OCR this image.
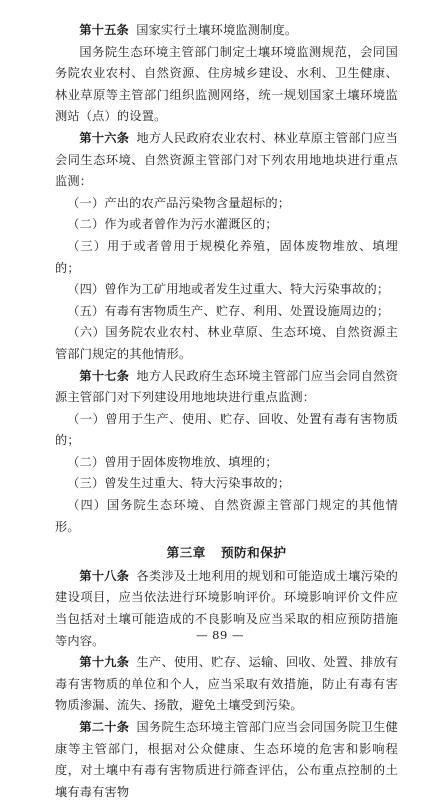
第十五条 国家实行土壤环境监测制度。

国务院生态环境主管部门制定土壤环境监测规范，会同国务院农业农村、自然资源、住房城乡建设、水利、卫生健康、林业草原等主管部门组织监测网络，统一规划国家土壤环境监测站（点）的设置。

第十六条 地方人民政府农业农村、林业草原主管部门应当会同生态环境、自然资源主管部门对下列农用地地块进行重点监测：

（一）产出的农产品污染物含量超标的；

（二）作为或者曾作为污水灌溉区的；

（三）用于或者曾用于规模化养殖，固体废物堆放、填埋的；

（四）曾作为工矿用地或者发生过重大、特大污染事故的；

（五）有毒有害物质生产、贮存、利用、处置设施周边的；

（六）国务院农业农村、林业草原、生态环境、自然资源主管部门规定的其他情形。

第十七条 地方人民政府生态环境主管部门应当会同自然资源主管部门对下列建设用地地块进行重点监测：

（一）曾用于生产、使用、贮存、回收、处置有毒有害物质的；

（二）曾用于固体废物堆放、填埋的；

（三）曾发生过重大、特大污染事故的；

（四）国务院生态环境、自然资源主管部门规定的其他情形。

第三章 预防和保护

第十八条 各类涉及土地利用的规划和可能造成土壤污染的建设项目，应当依法进行环境影响评价。环境影响评价文件应当包括对土壤可能造成的不良影响及应当采取的相应预防措施等内容。

第十九条 生产、使用、贮存、运输、回收、处置、排放有毒有害物质的单位和个人，应当采取有效措施，防止有毒有害物质渗漏、流失、扬散，避免土壤受到污染。

第二十条 国务院生态环境主管部门应当会同国务院卫生健康等主管部门，根据对公众健康、生态环境的危害和影响程度，对土壤中有毒有害物质进行筛查评估，公布重点控制的土壤有毒有害物

— 89 —
